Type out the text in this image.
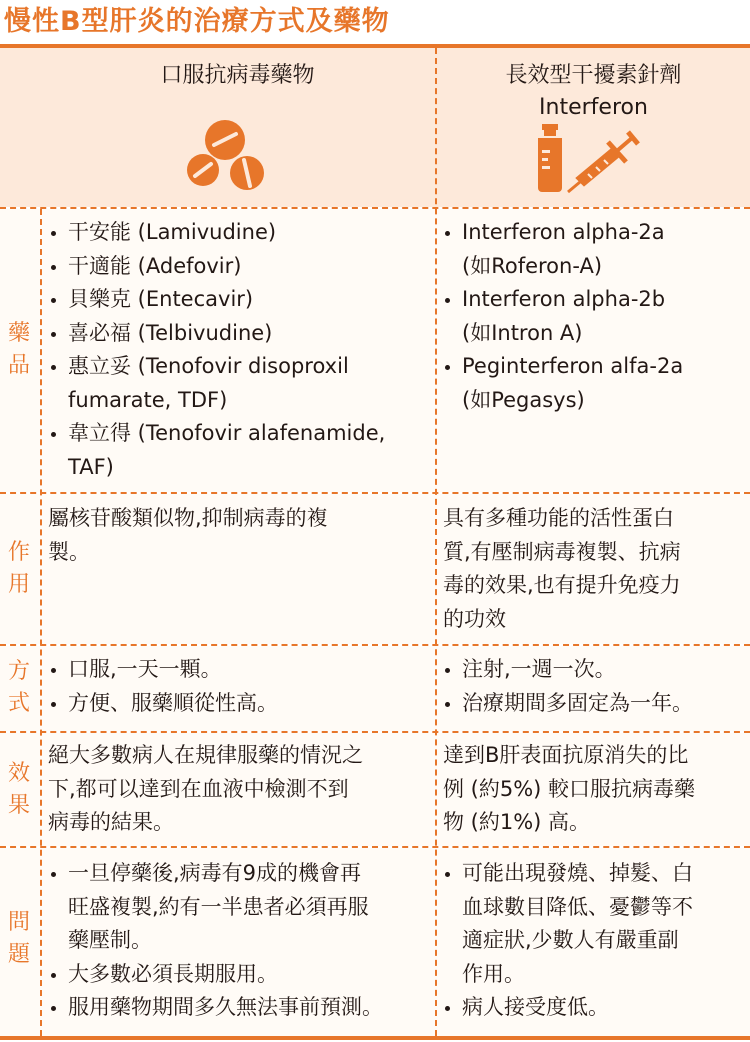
慢性B型肝炎的治療方式及藥物
口服抗病毒藥物	長效型干擾素針劑
Interferon
藥
品
作
用
方
式
效
果
問
題
干安能 (Lamivudine)
干適能 (Adefovir)
貝樂克 (Entecavir)
喜必福 (Telbivudine)
惠立妥 (Tenofovir disoproxil
fumarate, TDF)
韋立得 (Tenofovir alafenamide,
TAF)
Interferon alpha-2a
(如Roferon-A)
Interferon alpha-2b
(如Intron A)
Peginterferon alfa-2a
(如Pegasys)

屬核苷酸類似物,抑制病毒的複

製。

具有多種功能的活性蛋白

質,有壓制病毒複製、抗病

毒的效果,也有提升免疫力

的功效

口服,一天一顆。
方便、服藥順從性高。
注射,一週一次。
治療期間多固定為一年。

絕大多數病人在規律服藥的情況之

下,都可以達到在血液中檢測不到

病毒的結果。

達到B肝表面抗原消失的比

例 (約5%) 較口服抗病毒藥

物 (約1%) 高。

一旦停藥後,病毒有9成的機會再
旺盛複製,約有一半患者必須再服
藥壓制。
大多數必須長期服用。
服用藥物期間多久無法事前預測。
可能出現發燒、掉髮、白
血球數目降低、憂鬱等不
適症狀,少數人有嚴重副
作用。
病人接受度低。
